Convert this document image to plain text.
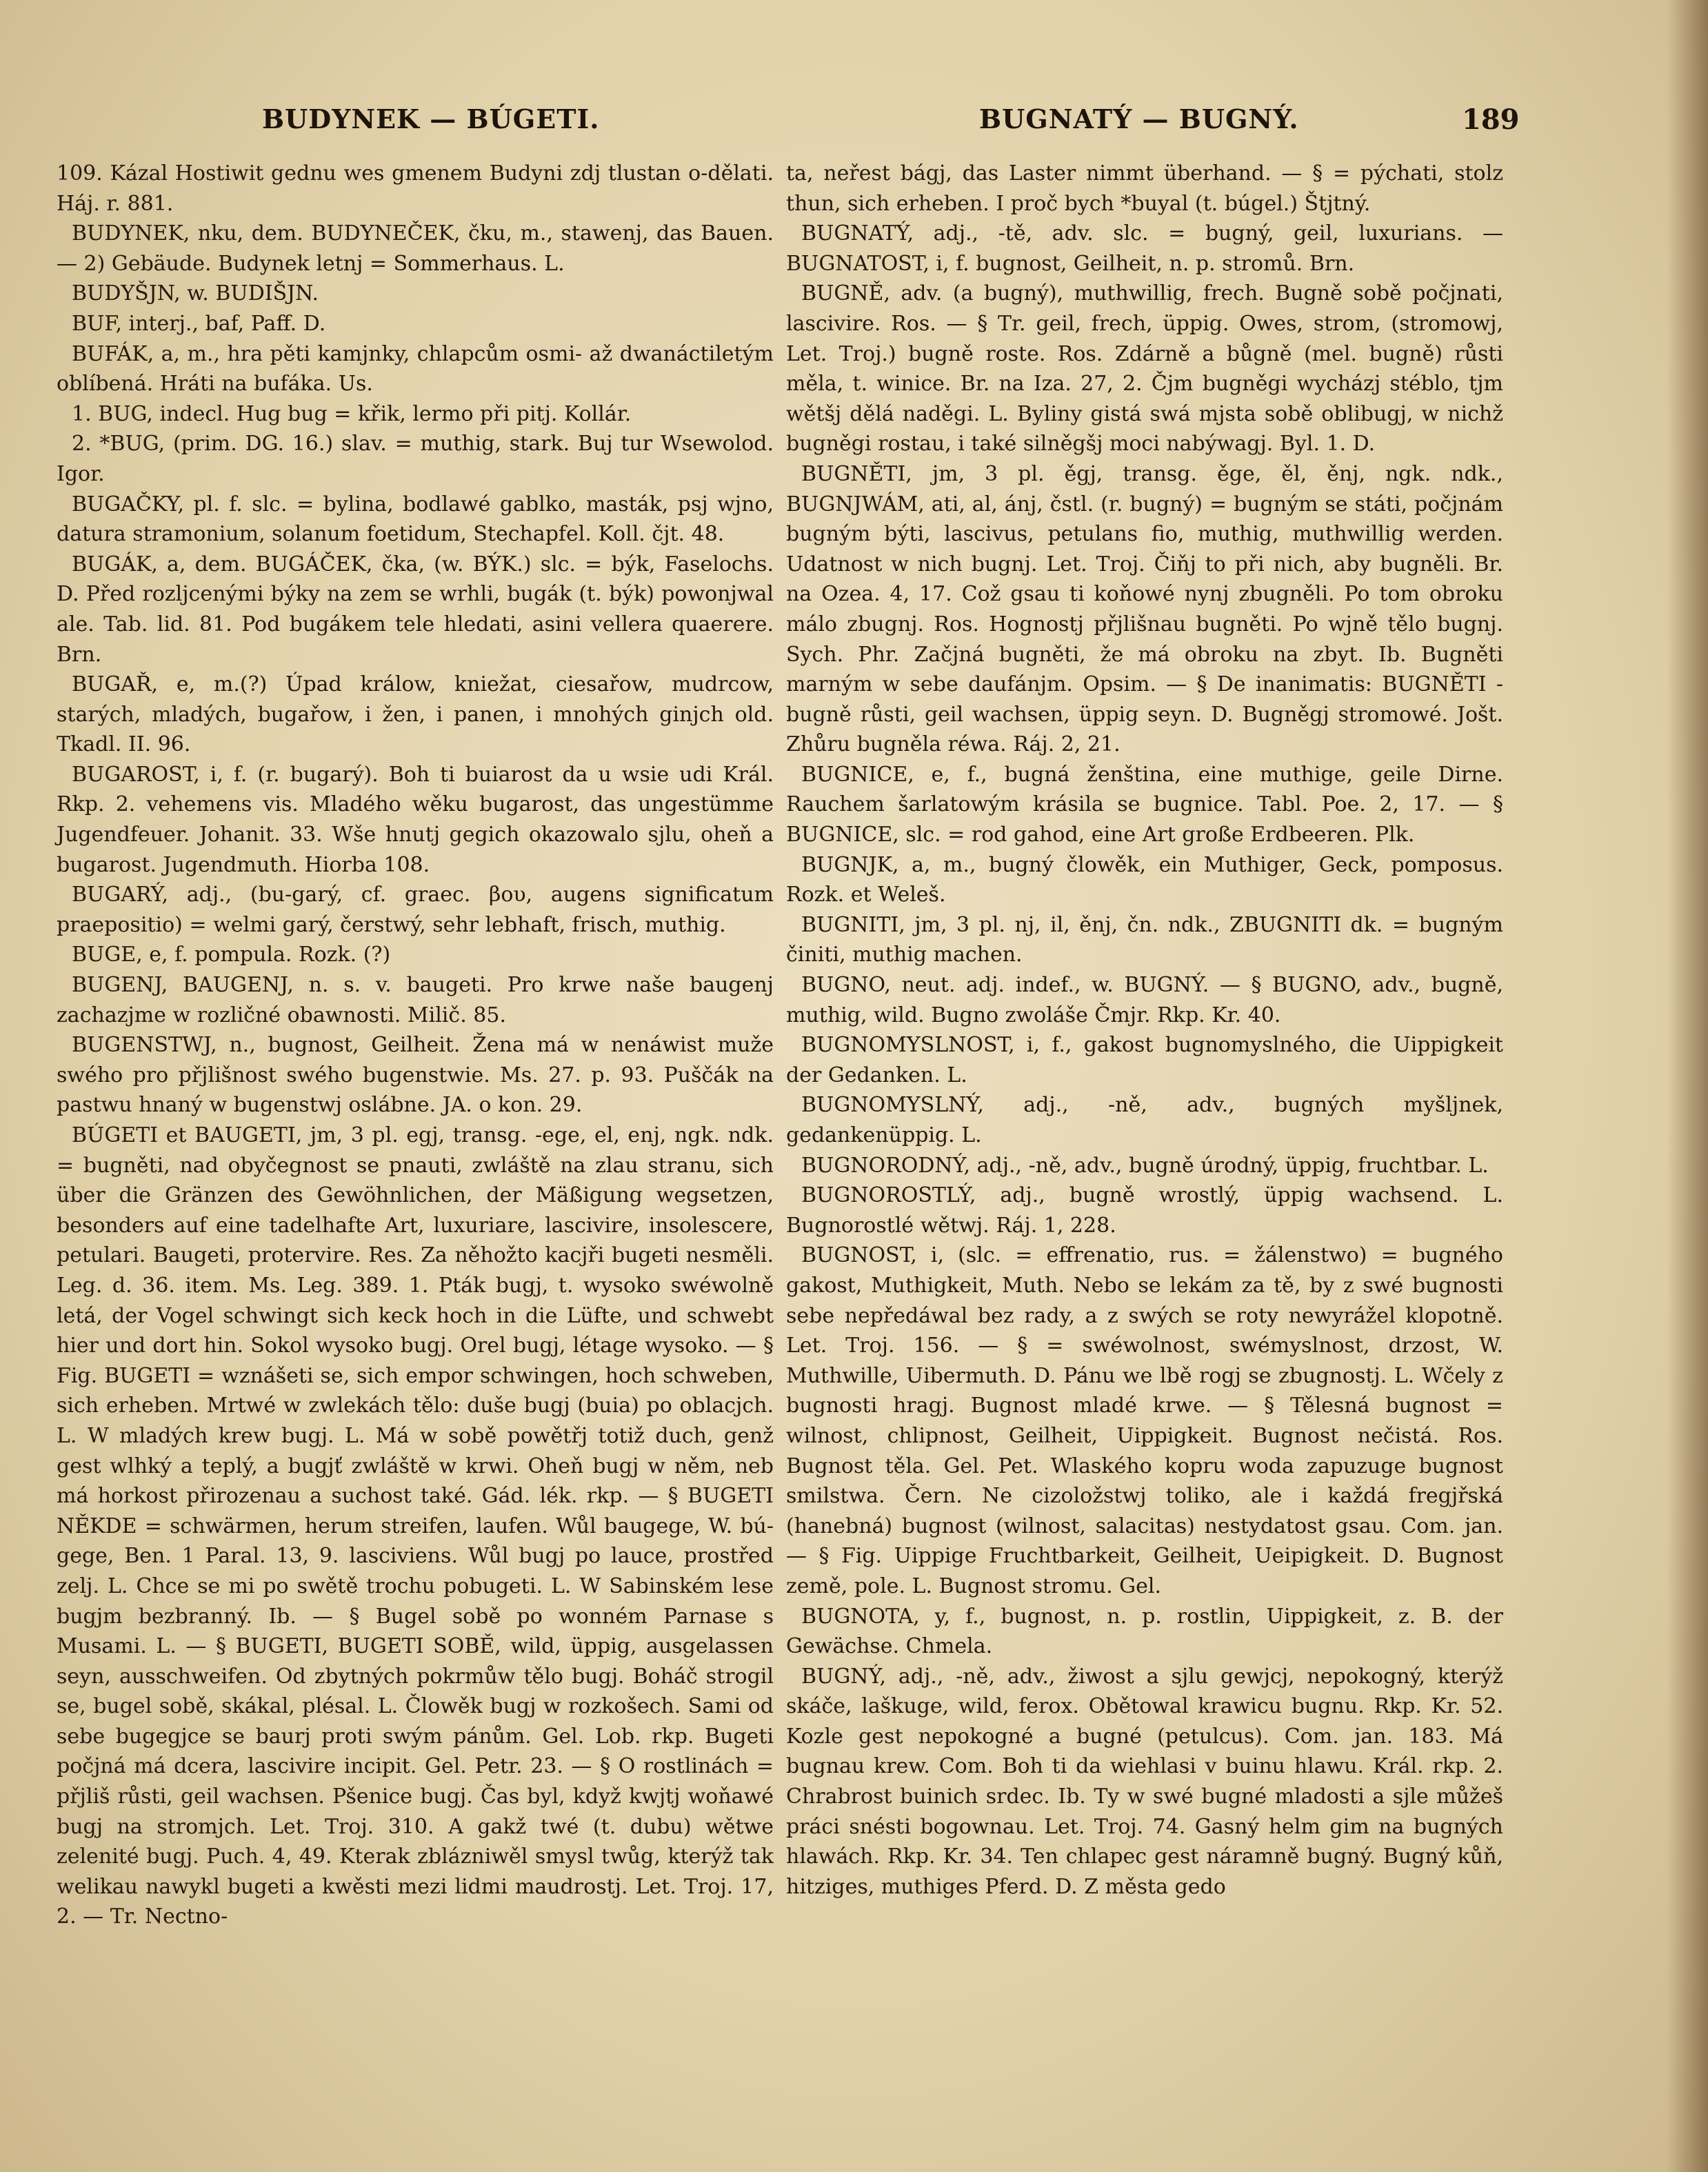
BUDYNEK — BÚGETI.	BUGNATÝ — BUGNÝ.	189

109. Kázal Hostiwit gednu wes gmenem Budyni zdj tlustan o-dělati. Háj. r. 881.

BUDYNEK, nku, dem. BUDYNEČEK, čku, m., stawenj, das Bauen. — 2) Gebäude. Budynek letnj = Sommerhaus. L.

BUDYŠJN, w. BUDIŠJN.

BUF, interj., baf, Paff. D.

BUFÁK, a, m., hra pěti kamjnky, chlapcům osmi- až dwanáctiletým oblíbená. Hráti na bufáka. Us.

1. BUG, indecl. Hug bug = křik, lermo při pitj. Kollár.

2. *BUG, (prim. DG. 16.) slav. = muthig, stark. Buj tur Wsewolod. Igor.

BUGAČKY, pl. f. slc. = bylina, bodlawé gablko, masták, psj wjno, datura stramonium, solanum foetidum, Stechapfel. Koll. čjt. 48.

BUGÁK, a, dem. BUGÁČEK, čka, (w. BÝK.) slc. = býk, Faselochs. D. Před rozljcenými býky na zem se wrhli, bugák (t. býk) powonjwal ale. Tab. lid. 81. Pod bugákem tele hledati, asini vellera quaerere. Brn.

BUGAŘ, e, m.(?) Úpad králow, kniežat, ciesařow, mudrcow, starých, mladých, bugařow, i žen, i panen, i mnohých ginjch old. Tkadl. II. 96.

BUGAROST, i, f. (r. bugarý). Boh ti buiarost da u wsie udi Král. Rkp. 2. vehemens vis. Mladého wěku bugarost, das ungestümme Jugendfeuer. Johanit. 33. Wše hnutj gegich okazowalo sjlu, oheň a bugarost. Jugendmuth. Hiorba 108.

BUGARÝ, adj., (bu-garý, cf. graec. βου, augens significatum praepositio) = welmi garý, čerstwý, sehr lebhaft, frisch, muthig.

BUGE, e, f. pompula. Rozk. (?)

BUGENJ, BAUGENJ, n. s. v. baugeti. Pro krwe naše baugenj zachazjme w rozličné obawnosti. Milič. 85.

BUGENSTWJ, n., bugnost, Geilheit. Žena má w nenáwist muže swého pro přjlišnost swého bugenstwie. Ms. 27. p. 93. Puščák na pastwu hnaný w bugenstwj oslábne. JA. o kon. 29.

BÚGETI et BAUGETI, jm, 3 pl. egj, transg. -ege, el, enj, ngk. ndk. = bugněti, nad obyčegnost se pnauti, zwláště na zlau stranu, sich über die Gränzen des Gewöhnlichen, der Mäßigung wegsetzen, besonders auf eine tadelhafte Art, luxuriare, lascivire, insolescere, petulari. Baugeti, protervire. Res. Za něhožto kacjři bugeti nesměli. Leg. d. 36. item. Ms. Leg. 389. 1. Pták bugj, t. wysoko swéwolně letá, der Vogel schwingt sich keck hoch in die Lüfte, und schwebt hier und dort hin. Sokol wysoko bugj. Orel bugj, létage wysoko. — § Fig. BUGETI = wznášeti se, sich empor schwingen, hoch schweben, sich erheben. Mrtwé w zwlekách tělo: duše bugj (buia) po oblacjch. L. W mladých krew bugj. L. Má w sobě powětřj totiž duch, genž gest wlhký a teplý, a bugjť zwláště w krwi. Oheň bugj w něm, neb má horkost přirozenau a suchost také. Gád. lék. rkp. — § BUGETI NĚKDE = schwärmen, herum streifen, laufen. Wůl baugege, W. bú-gege, Ben. 1 Paral. 13, 9. lasciviens. Wůl bugj po lauce, prostřed zelj. L. Chce se mi po swětě trochu pobugeti. L. W Sabinském lese bugjm bezbranný. Ib. — § Bugel sobě po wonném Parnase s Musami. L. — § BUGETI, BUGETI SOBĚ, wild, üppig, ausgelassen seyn, ausschweifen. Od zbytných pokrmůw tělo bugj. Boháč strogil se, bugel sobě, skákal, plésal. L. Člowěk bugj w rozkošech. Sami od sebe bugegjce se baurj proti swým pánům. Gel. Lob. rkp. Bugeti počjná má dcera, lascivire incipit. Gel. Petr. 23. — § O rostlinách = přjliš růsti, geil wachsen. Pšenice bugj. Čas byl, když kwjtj woňawé bugj na stromjch. Let. Troj. 310. A gakž twé (t. dubu) wětwe zelenité bugj. Puch. 4, 49. Kterak zblázniwěl smysl twůg, kterýž tak welikau nawykl bugeti a kwěsti mezi lidmi maudrostj. Let. Troj. 17, 2. — Tr. Nectno-

ta, neřest bágj, das Laster nimmt überhand. — § = pýchati, stolz thun, sich erheben. I proč bych *buyal (t. búgel.) Štjtný.

BUGNATÝ, adj., -tě, adv. slc. = bugný, geil, luxurians. — BUGNATOST, i, f. bugnost, Geilheit, n. p. stromů. Brn.

BUGNĚ, adv. (a bugný), muthwillig, frech. Bugně sobě počjnati, lascivire. Ros. — § Tr. geil, frech, üppig. Owes, strom, (stromowj, Let. Troj.) bugně roste. Ros. Zdárně a bůgně (mel. bugně) růsti měla, t. winice. Br. na Iza. 27, 2. Čjm bugněgi wycházj stéblo, tjm wětšj dělá naděgi. L. Byliny gistá swá mjsta sobě oblibugj, w nichž bugněgi rostau, i také silněgšj moci nabýwagj. Byl. 1. D.

BUGNĚTI, jm, 3 pl. ěgj, transg. ěge, ěl, ěnj, ngk. ndk., BUGNJWÁM, ati, al, ánj, čstl. (r. bugný) = bugným se státi, počjnám bugným býti, lascivus, petulans fio, muthig, muthwillig werden. Udatnost w nich bugnj. Let. Troj. Čiňj to při nich, aby bugněli. Br. na Ozea. 4, 17. Což gsau ti koňowé nynj zbugněli. Po tom obroku málo zbugnj. Ros. Hognostj přjlišnau bugněti. Po wjně tělo bugnj. Sych. Phr. Začjná bugněti, že má obroku na zbyt. Ib. Bugněti marným w sebe daufánjm. Opsim. — § De inanimatis: BUGNĚTI - bugně růsti, geil wachsen, üppig seyn. D. Bugněgj stromowé. Jošt. Zhůru bugněla réwa. Ráj. 2, 21.

BUGNICE, e, f., bugná ženština, eine muthige, geile Dirne. Rauchem šarlatowým krásila se bugnice. Tabl. Poe. 2, 17. — § BUGNICE, slc. = rod gahod, eine Art große Erdbeeren. Plk.

BUGNJK, a, m., bugný člowěk, ein Muthiger, Geck, pomposus. Rozk. et Weleš.

BUGNITI, jm, 3 pl. nj, il, ěnj, čn. ndk., ZBUGNITI dk. = bugným činiti, muthig machen.

BUGNO, neut. adj. indef., w. BUGNÝ. — § BUGNO, adv., bugně, muthig, wild. Bugno zwoláše Čmjr. Rkp. Kr. 40.

BUGNOMYSLNOST, i, f., gakost bugnomyslného, die Uippigkeit der Gedanken. L.

BUGNOMYSLNÝ, adj., -ně, adv., bugných myšljnek, gedankenüppig. L.

BUGNORODNÝ, adj., -ně, adv., bugně úrodný, üppig, fruchtbar. L.

BUGNOROSTLÝ, adj., bugně wrostlý, üppig wachsend. L. Bugnorostlé wětwj. Ráj. 1, 228.

BUGNOST, i, (slc. = effrenatio, rus. = žálenstwo) = bugného gakost, Muthigkeit, Muth. Nebo se lekám za tě, by z swé bugnosti sebe nepředáwal bez rady, a z swých se roty newyrážel klopotně. Let. Troj. 156. — § = swéwolnost, swémyslnost, drzost, W. Muthwille, Uibermuth. D. Pánu we lbě rogj se zbugnostj. L. Wčely z bugnosti hragj. Bugnost mladé krwe. — § Tělesná bugnost = wilnost, chlipnost, Geilheit, Uippigkeit. Bugnost nečistá. Ros. Bugnost těla. Gel. Pet. Wlaského kopru woda zapuzuge bugnost smilstwa. Čern. Ne cizoložstwj toliko, ale i každá fregjřská (hanebná) bugnost (wilnost, salacitas) nestydatost gsau. Com. jan. — § Fig. Uippige Fruchtbarkeit, Geilheit, Ueipigkeit. D. Bugnost země, pole. L. Bugnost stromu. Gel.

BUGNOTA, y, f., bugnost, n. p. rostlin, Uippigkeit, z. B. der Gewächse. Chmela.

BUGNÝ, adj., -ně, adv., žiwost a sjlu gewjcj, nepokogný, kterýž skáče, laškuge, wild, ferox. Obětowal krawicu bugnu. Rkp. Kr. 52. Kozle gest nepokogné a bugné (petulcus). Com. jan. 183. Má bugnau krew. Com. Boh ti da wiehlasi v buinu hlawu. Král. rkp. 2. Chrabrost buinich srdec. Ib. Ty w swé bugné mladosti a sjle můžeš práci snésti bogownau. Let. Troj. 74. Gasný helm gim na bugných hlawách. Rkp. Kr. 34. Ten chlapec gest náramně bugný. Bugný kůň, hitziges, muthiges Pferd. D. Z města gedo
